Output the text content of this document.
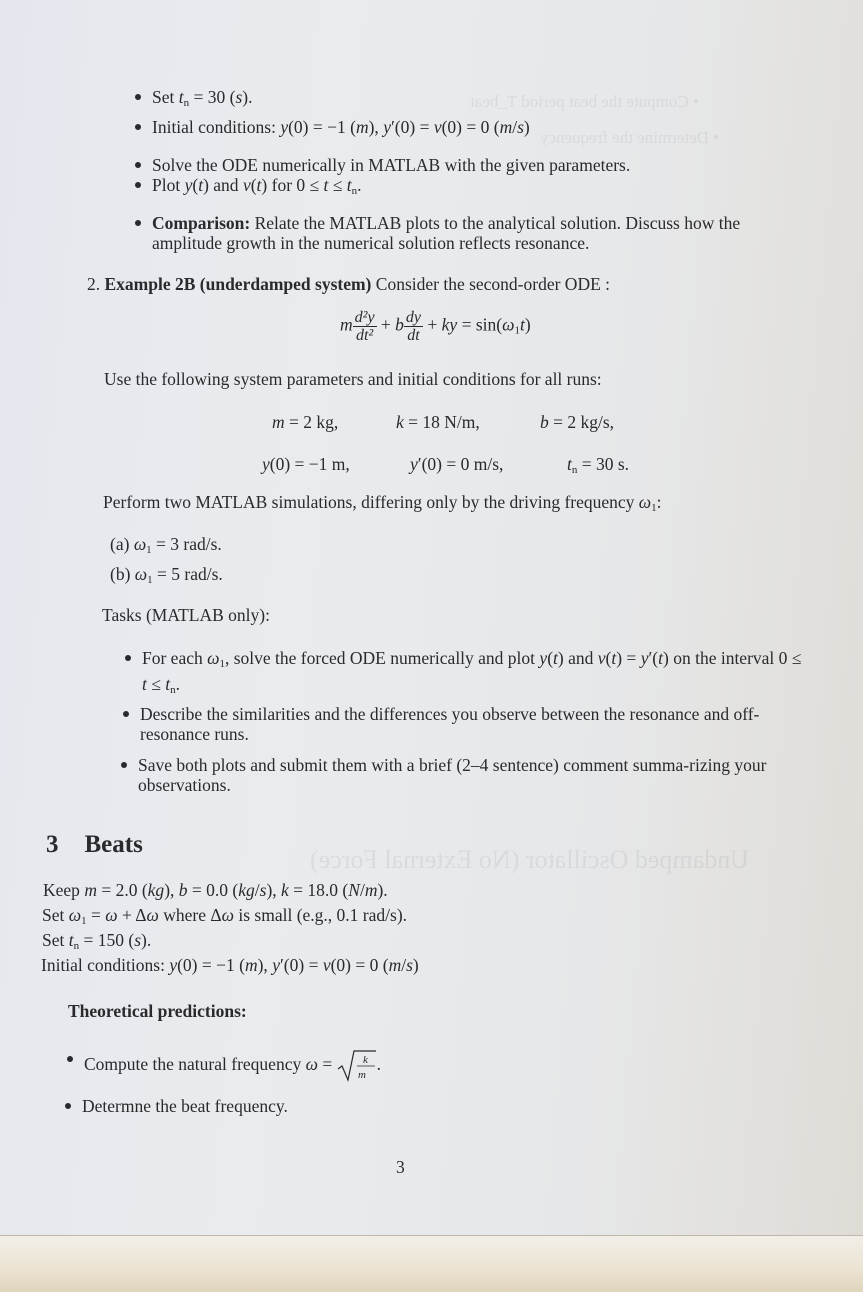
• Compute the beat period T_beat
• Determine the frequency
Undamped Oscillator (No External Force)
Set $t_n = 30$ (s).
Initial conditions: y(0) = −1 (m), y′(0) = v(0) = 0 (m/s)
Solve the ODE numerically in MATLAB with the given parameters.
Plot y(t) and v(t) for $0 \le t \le t_n$.
Comparison: Relate the MATLAB plots to the analytical solution. Discuss how the amplitude growth in the numerical solution reflects resonance.
2. Example 2B (underdamped system) Consider the second-order ODE :
m $\frac{\text{d²y}}{\text{dt²}} + b \frac{dy}{dt}$ + ky = $\sin(\omega_1t)$
Use the following system parameters and initial conditions for all runs:
m = 2 kg,	k = 18 N/m,	b = 2 kg/s,
y(0) = −1 m,	y′(0) = 0 m/s,	$t_n = 30$ s.
Perform two MATLAB simulations, differing only by the driving frequency $\omega_1$:
(a) $\omega_1 = 3$ rad/s.
(b) $\omega_1 = 5$ rad/s.
Tasks (MATLAB only):
For each $\omega_1$, solve the forced ODE numerically and plot y(t) and v(t) = y′(t) on the interval $0 \le t \le t_n$.
Describe the similarities and the differences you observe between the resonance and off-resonance runs.
Save both plots and submit them with a brief (2–4 sentence) comment summa-rizing your observations.
3 Beats
Keep m = 2.0 (kg), b = 0.0 (kg/s), k = 18.0 (N/m).
Set $\omega_1 = \omega + \Delta\omega$ where Δω is small (e.g., 0.1 rad/s).
Set $t_n = 150$ (s).
Initial conditions: y(0) = −1 (m), y′(0) = v(0) = 0 (m/s)
Theoretical predictions:
Compute the natural frequency ω = k
m
.
Determne the beat frequency.
3
